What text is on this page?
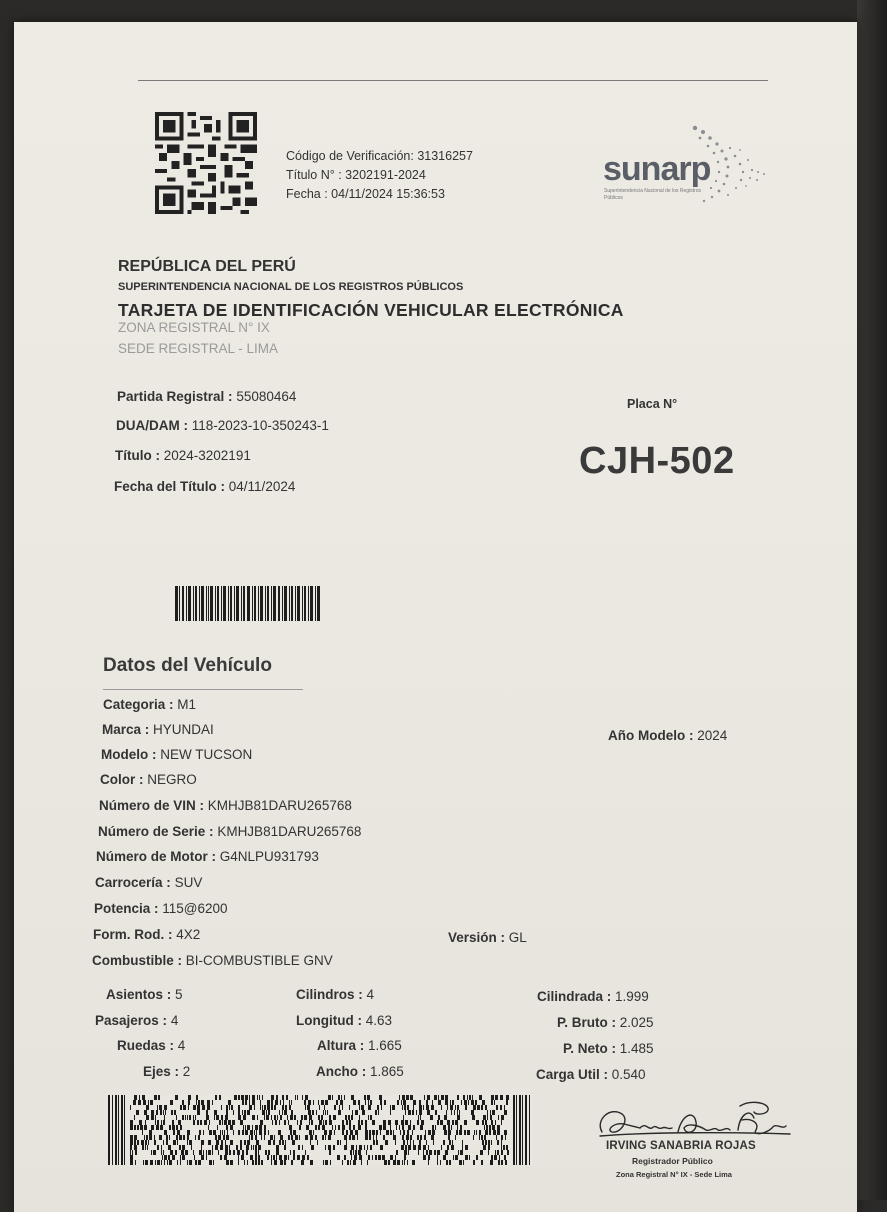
Código de Verificación: 31316257
Título N° : 3202191-2024
Fecha : 04/11/2024 15:36:53
sunarp
Superintendencia Nacional de los Registros Públicos
REPÚBLICA DEL PERÚ
SUPERINTENDENCIA NACIONAL DE LOS REGISTROS PÚBLICOS
TARJETA DE IDENTIFICACIÓN VEHICULAR ELECTRÓNICA
ZONA REGISTRAL N° IX
SEDE REGISTRAL - LIMA
Partida Registral : 55080464
DUA/DAM : 118-2023-10-350243-1
Título : 2024-3202191
Fecha del Título : 04/11/2024
Placa N°
CJH-502
Datos del Vehículo
Categoria : M1
Marca : HYUNDAI
Modelo : NEW TUCSON
Color : NEGRO
Número de VIN : KMHJB81DARU265768
Número de Serie : KMHJB81DARU265768
Número de Motor : G4NLPU931793
Carrocería : SUV
Potencia : 115@6200
Form. Rod. : 4X2
Combustible : BI-COMBUSTIBLE GNV
Año Modelo : 2024
Versión : GL
Asientos : 5
Pasajeros : 4
Ruedas : 4
Ejes : 2
Cilindros : 4
Longitud : 4.63
Altura : 1.665
Ancho : 1.865
Cilindrada : 1.999
P. Bruto : 2.025
P. Neto : 1.485
Carga Util : 0.540
IRVING SANABRIA ROJAS
Registrador Público
Zona Registral N° IX - Sede Lima
